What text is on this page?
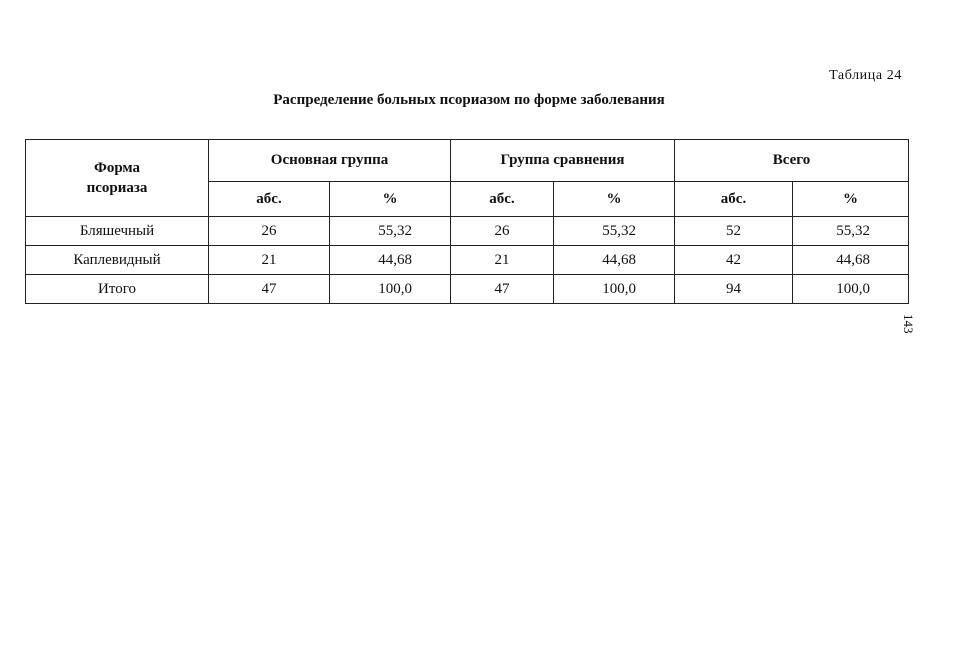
Таблица 24
Распределение больных псориазом по форме заболевания
Форма
псориаза	Основная группа		Группа сравнения		Всего	
	абс.	%	абс.	%	абс.	%
Бляшечный	26	55,32	26	55,32	52	55,32
Каплевидный	21	44,68	21	44,68	42	44,68
Итого	47	100,0	47	100,0	94	100,0
143
